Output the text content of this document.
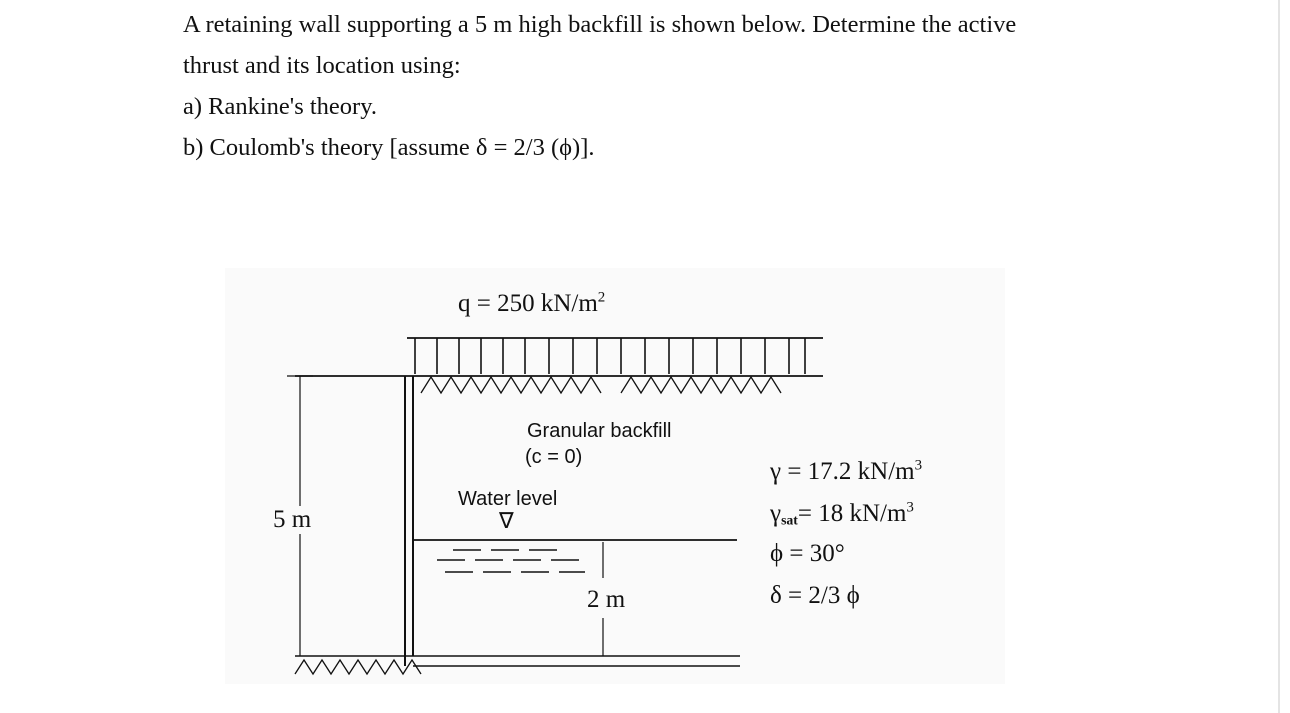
A retaining wall supporting a 5 m high backfill is shown below. Determine the active

thrust and its location using:

a) Rankine's theory.

b) Coulomb's theory [assume δ = 2/3 (ϕ)].

q = 250 $kN/m^2$
Granular backfill
(c = 0)
Water level
∇
5 m
2 m
γ = 17.2 $kN/m^3$
γsat= 18 $kN/m^3$
ϕ = 30°
δ = 2/3 ϕ
